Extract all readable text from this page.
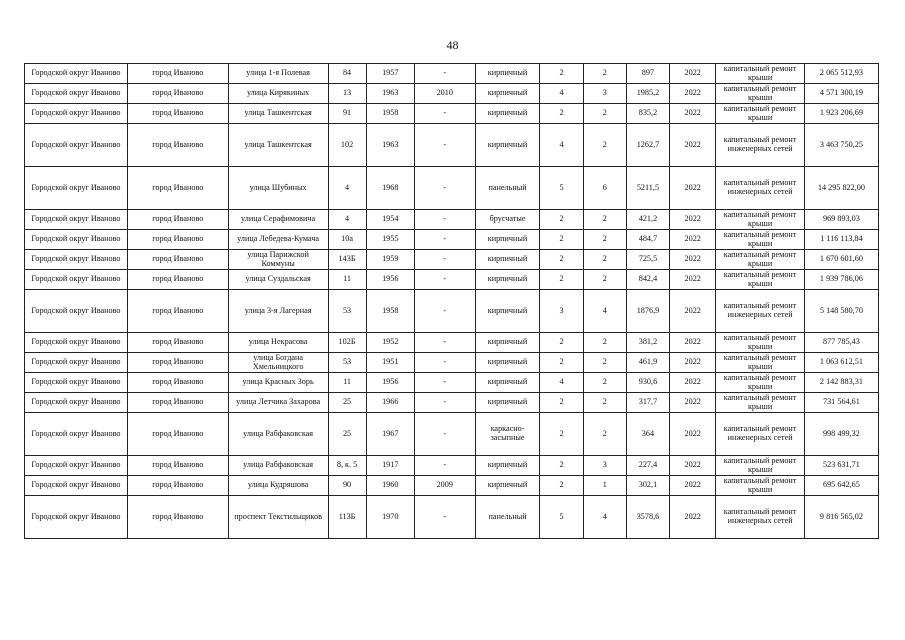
48
Городской округ Иваново	город Иваново	улица 1-я Полевая	84	1957	-	кирпичный	2	2	897	2022	капитальный ремонт крыши	2 065 512,93
Городской округ Иваново	город Иваново	улица Кирякиных	13	1963	2010	кирпичный	4	3	1985,2	2022	капитальный ремонт крыши	4 571 300,19
Городской округ Иваново	город Иваново	улица Ташкентская	91	1958	-	кирпичный	2	2	835,2	2022	капитальный ремонт крыши	1 923 206,69
Городской округ Иваново	город Иваново	улица Ташкентская	102	1963	-	кирпичный	4	2	1262,7	2022	капитальный ремонт инженерных сетей	3 463 750,25
Городской округ Иваново	город Иваново	улица Шубиных	4	1968	-	панельный	5	6	5211,5	2022	капитальный ремонт инженерных сетей	14 295 822,00
Городской округ Иваново	город Иваново	улица Серафимовича	4	1954	-	брусчатые	2	2	421,2	2022	капитальный ремонт крыши	969 893,03
Городской округ Иваново	город Иваново	улица Лебедева-Кумача	10а	1955	-	кирпичный	2	2	484,7	2022	капитальный ремонт крыши	1 116 113,84
Городской округ Иваново	город Иваново	улица Парижской Коммуны	143Б	1959	-	кирпичный	2	2	725,5	2022	капитальный ремонт крыши	1 670 601,60
Городской округ Иваново	город Иваново	улица Суздальская	11	1956	-	кирпичный	2	2	842,4	2022	капитальный ремонт крыши	1 939 786,06
Городской округ Иваново	город Иваново	улица 3-я Лагерная	53	1958	-	кирпичный	3	4	1876,9	2022	капитальный ремонт инженерных сетей	5 148 580,70
Городской округ Иваново	город Иваново	улица Некрасова	102Б	1952	-	кирпичный	2	2	381,2	2022	капитальный ремонт крыши	877 785,43
Городской округ Иваново	город Иваново	улица Богдана Хмельницкого	53	1951	-	кирпичный	2	2	461,9	2022	капитальный ремонт крыши	1 063 612,51
Городской округ Иваново	город Иваново	улица Красных Зорь	11	1956	-	кирпичный	4	2	930,6	2022	капитальный ремонт крыши	2 142 883,31
Городской округ Иваново	город Иваново	улица Летчика Захарова	25	1966	-	кирпичный	2	2	317,7	2022	капитальный ремонт крыши	731 564,61
Городской округ Иваново	город Иваново	улица Рабфаковская	25	1967	-	каркасно-засыпные	2	2	364	2022	капитальный ремонт инженерных сетей	998 499,32
Городской округ Иваново	город Иваново	улица Рабфаковская	8, к. 5	1917	-	кирпичный	2	3	227,4	2022	капитальный ремонт крыши	523 631,71
Городской округ Иваново	город Иваново	улица Кудряшова	90	1960	2009	кирпичный	2	1	302,1	2022	капитальный ремонт крыши	695 642,65
Городской округ Иваново	город Иваново	проспект Текстильщиков	113Б	1970	-	панельный	5	4	3578,6	2022	капитальный ремонт инженерных сетей	9 816 565,02
